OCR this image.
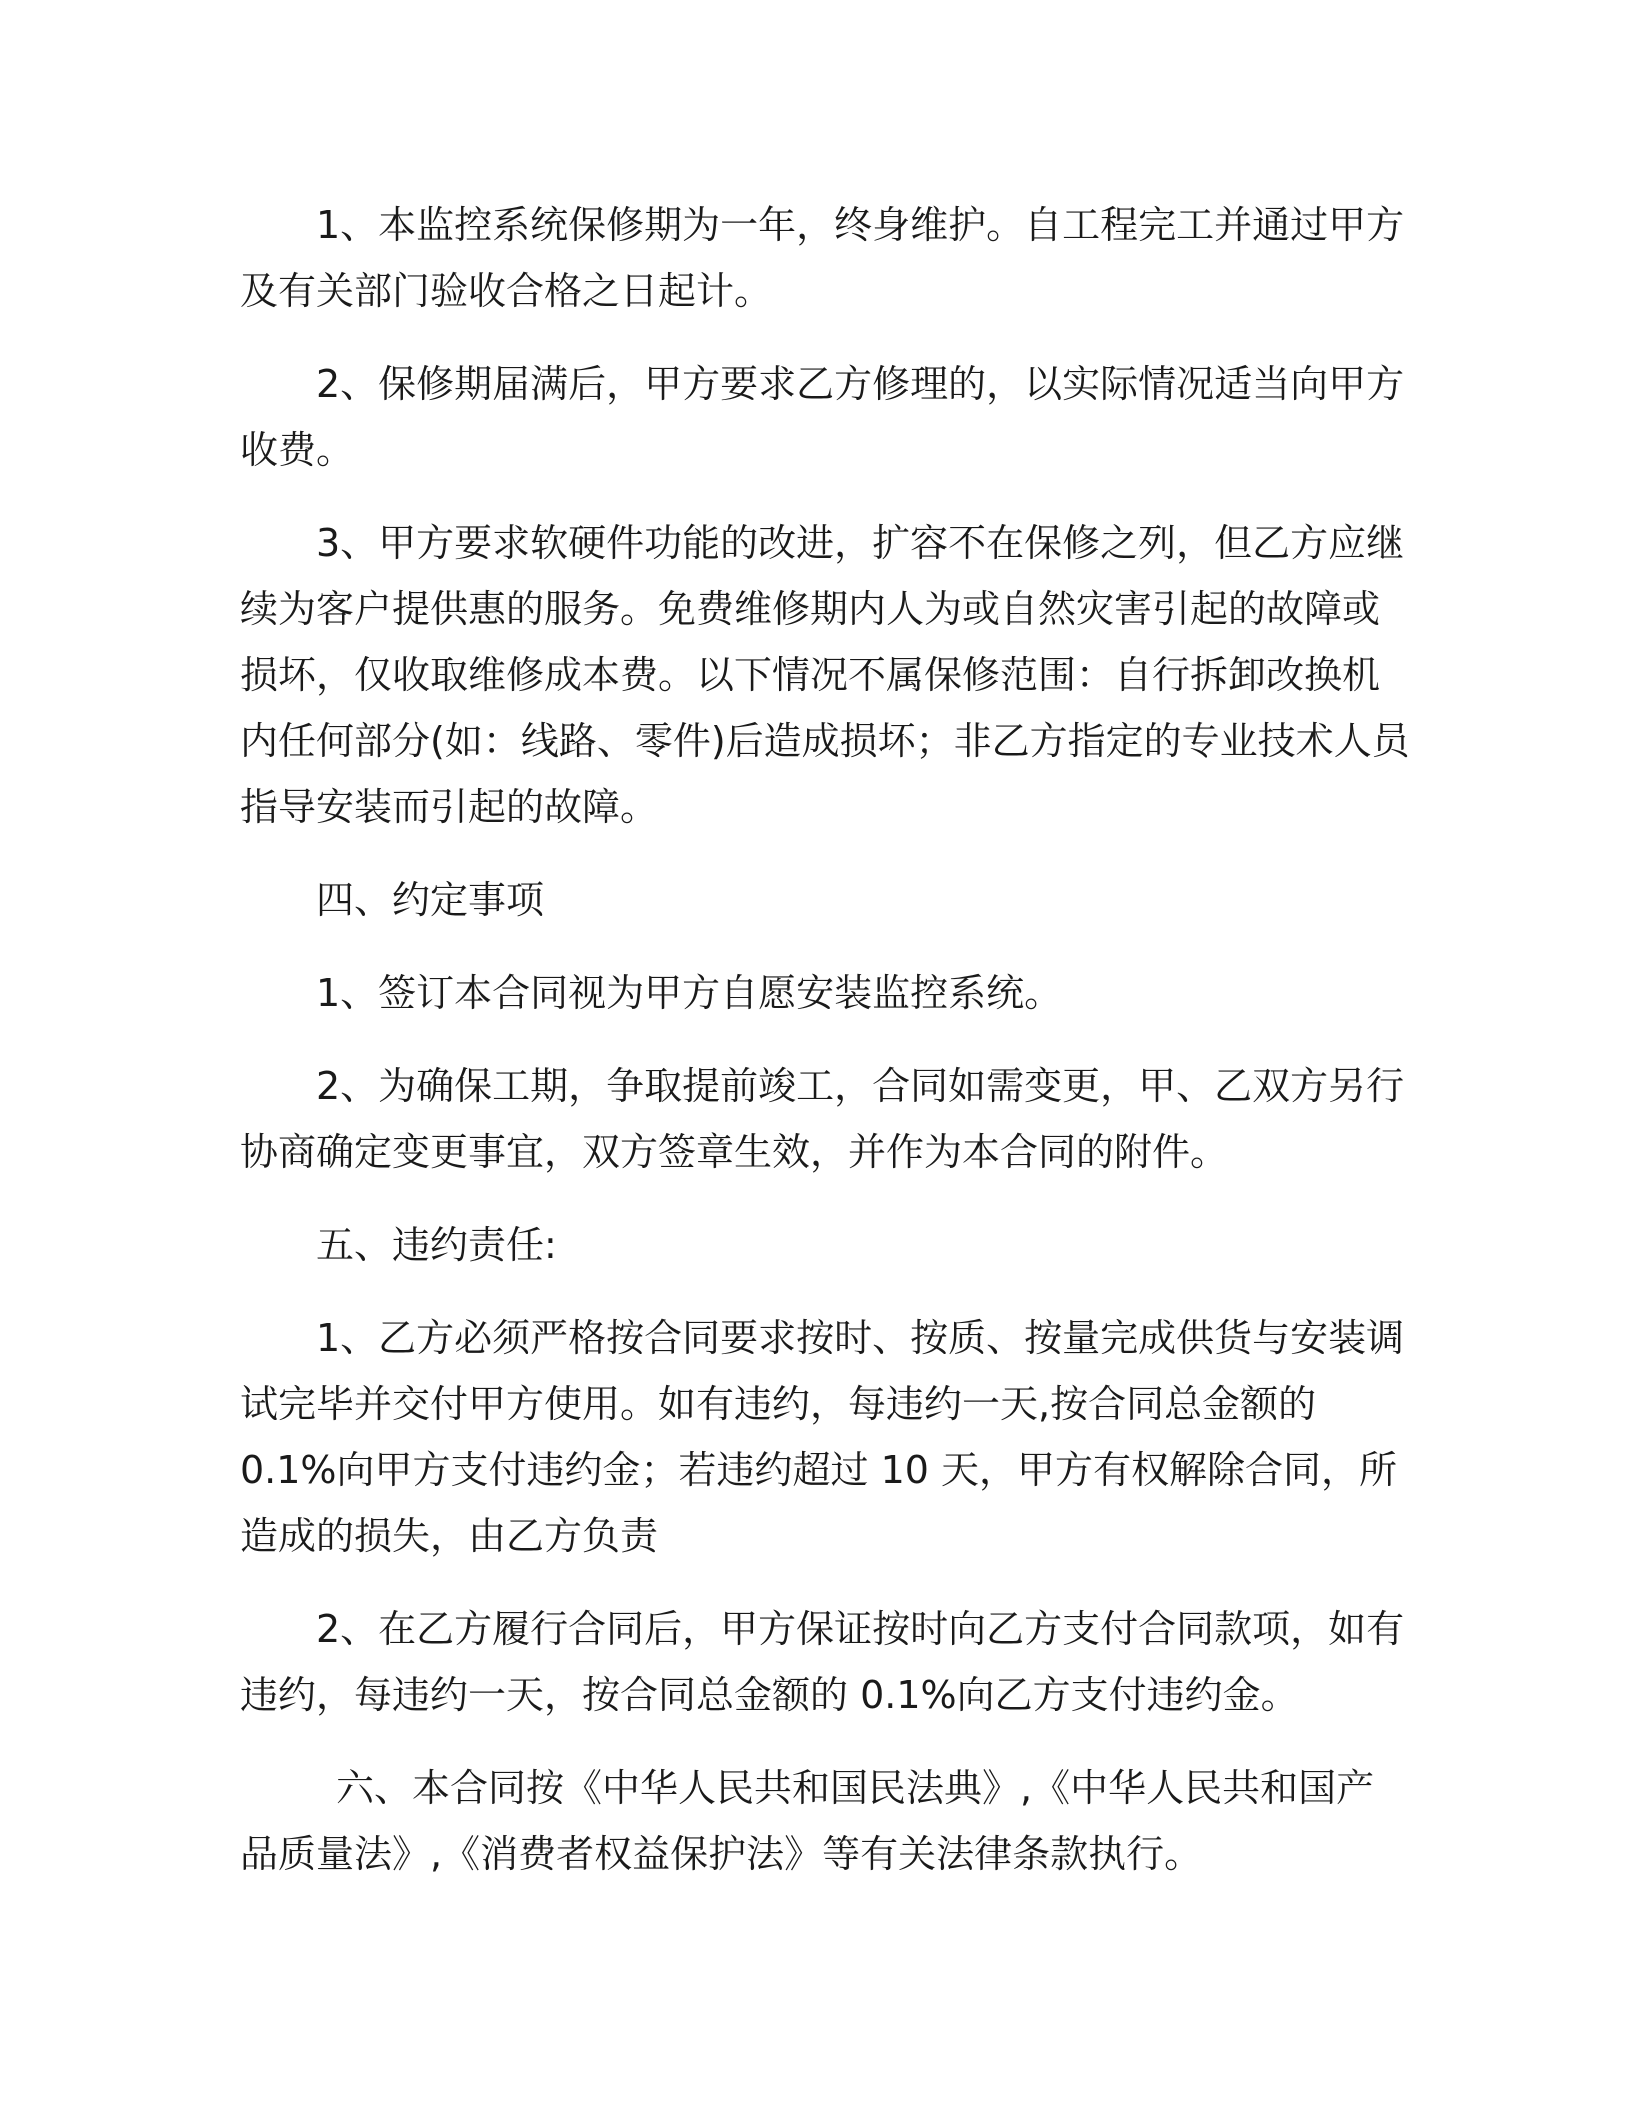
1、本监控系统保修期为一年，终身维护。自工程完工并通过甲方
及有关部门验收合格之日起计。

2、保修期届满后，甲方要求乙方修理的，以实际情况适当向甲方
收费。

3、甲方要求软硬件功能的改进，扩容不在保修之列，但乙方应继
续为客户提供惠的服务。免费维修期内人为或自然灾害引起的故障或
损坏，仅收取维修成本费。以下情况不属保修范围：自行拆卸改换机
内任何部分(如：线路、零件)后造成损坏；非乙方指定的专业技术人员
指导安装而引起的故障。

四、约定事项

1、签订本合同视为甲方自愿安装监控系统。

2、为确保工期，争取提前竣工，合同如需变更，甲、乙双方另行
协商确定变更事宜，双方签章生效，并作为本合同的附件。

五、违约责任:

1、乙方必须严格按合同要求按时、按质、按量完成供货与安装调
试完毕并交付甲方使用。如有违约，每违约一天,按合同总金额的
0.1%向甲方支付违约金；若违约超过 10 天，甲方有权解除合同，所
造成的损失，由乙方负责

2、在乙方履行合同后，甲方保证按时向乙方支付合同款项，如有
违约，每违约一天，按合同总金额的 0.1%向乙方支付违约金。

六、本合同按《中华人民共和国民法典》,《中华人民共和国产
品质量法》,《消费者权益保护法》等有关法律条款执行。
